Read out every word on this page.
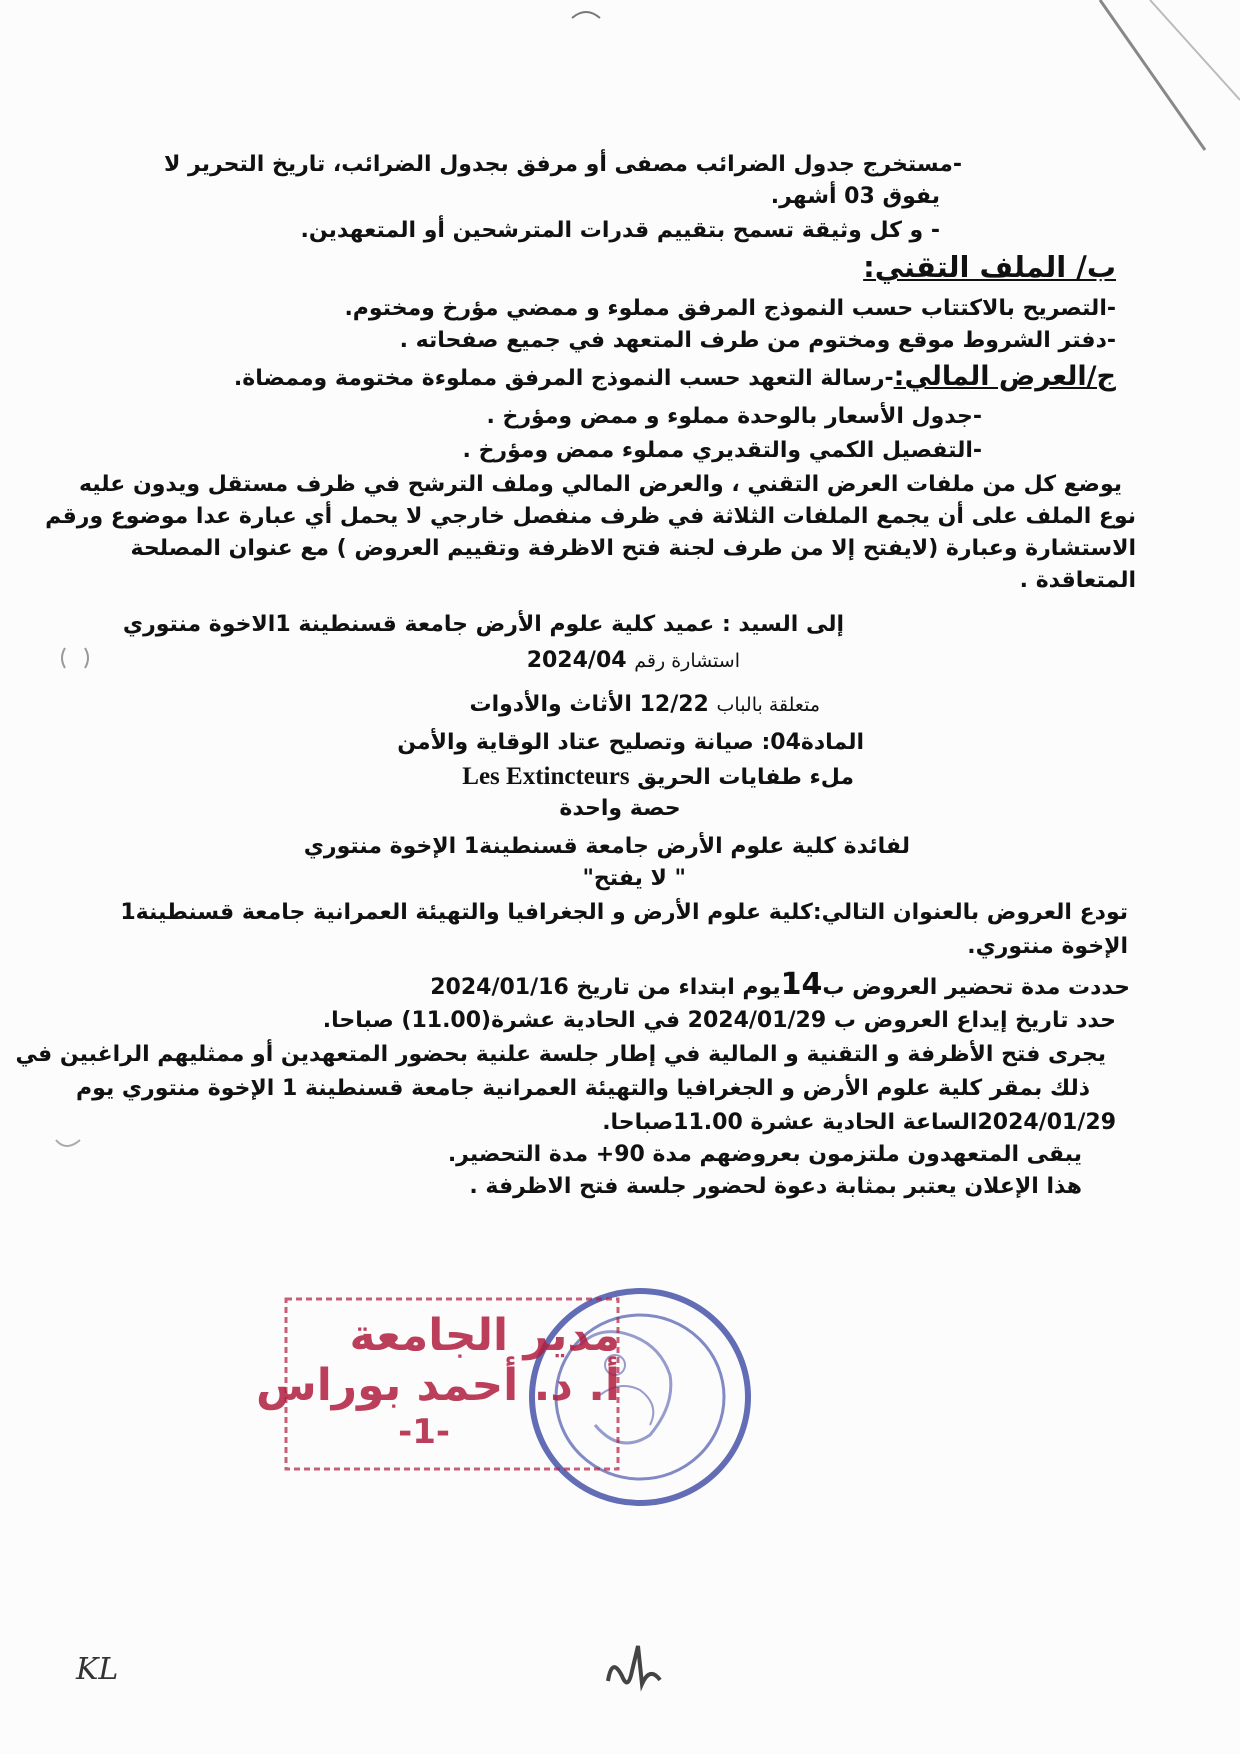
-مستخرج جدول الضرائب مصفى أو مرفق بجدول الضرائب، تاريخ التحرير لا
يفوق 03 أشهر.
- و كل وثيقة تسمح بتقييم قدرات المترشحين أو المتعهدين.
ب/ الملف التقني:
-التصريح بالاكتتاب حسب النموذج المرفق مملوء و ممضي مؤرخ ومختوم.
-دفتر الشروط موقع ومختوم من طرف المتعهد في جميع صفحاته .
ج/العرض المالي:-رسالة التعهد حسب النموذج المرفق مملوءة مختومة وممضاة.
-جدول الأسعار بالوحدة مملوء و ممض ومؤرخ .
-التفصيل الكمي والتقديري مملوء ممض ومؤرخ .
يوضع كل من ملفات العرض التقني ، والعرض المالي وملف الترشح في ظرف مستقل ويدون عليه
نوع الملف على أن يجمع الملفات الثلاثة في ظرف منفصل خارجي لا يحمل أي عبارة عدا موضوع ورقم
الاستشارة وعبارة (لايفتح إلا من طرف لجنة فتح الاظرفة وتقييم العروض ) مع عنوان المصلحة
المتعاقدة .
إلى السيد : عميد كلية علوم الأرض جامعة قسنطينة 1الاخوة منتوري
استشارة رقم 2024/04
متعلقة بالباب 12/22 الأثاث والأدوات
المادة04: صيانة وتصليح عتاد الوقاية والأمن
ملء طفايات الحريق Les Extincteurs
حصة واحدة
لفائدة كلية علوم الأرض جامعة قسنطينة1 الإخوة منتوري
" لا يفتح"
تودع العروض بالعنوان التالي:كلية علوم الأرض و الجغرافيا والتهيئة العمرانية جامعة قسنطينة1
الإخوة منتوري.
حددت مدة تحضير العروض ب14يوم ابتداء من تاريخ 2024/01/16
حدد تاريخ إيداع العروض ب 2024/01/29 في الحادية عشرة(11.00) صباحا.
يجرى فتح الأظرفة و التقنية و المالية في إطار جلسة علنية بحضور المتعهدين أو ممثليهم الراغبين في
ذلك بمقر كلية علوم الأرض و الجغرافيا والتهيئة العمرانية جامعة قسنطينة 1 الإخوة منتوري يوم
2024/01/29الساعة الحادية عشرة 11.00صباحا.
يبقى المتعهدون ملتزمون بعروضهم مدة 90+ مدة التحضير.
هذا الإعلان يعتبر بمثابة دعوة لحضور جلسة فتح الاظرفة .
مدير الجامعة
أ. د. أحمد بوراس
-1-
KL
